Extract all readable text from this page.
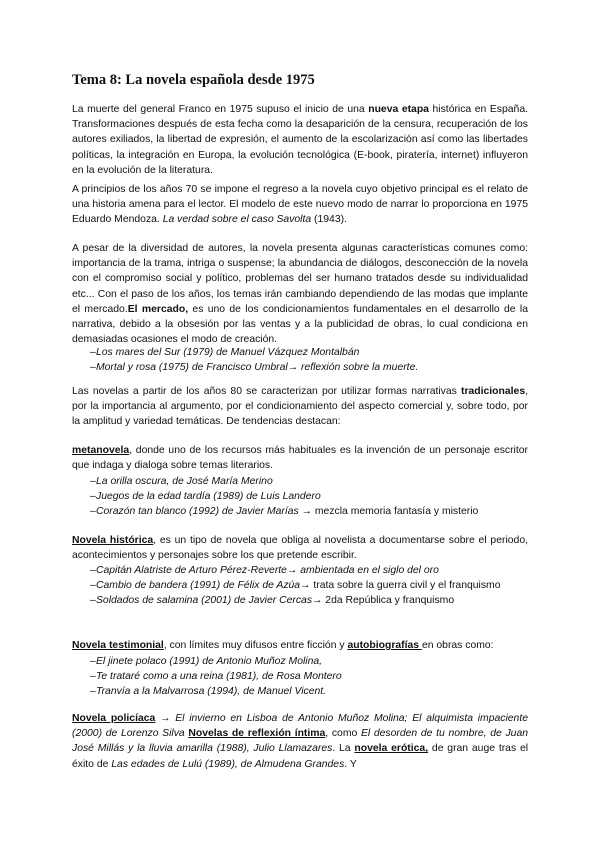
Tema 8: La novela española desde 1975

La muerte del general Franco en 1975 supuso el inicio de una nueva etapa histórica en España. Transformaciones después de esta fecha como la desaparición de la censura, recuperación de los autores exiliados, la libertad de expresión, el aumento de la escolarización así como las libertades políticas, la integración en Europa, la evolución tecnológica (E-book, piratería, internet) influyeron en la evolución de la literatura.

A principios de los años 70 se impone el regreso a la novela cuyo objetivo principal es el relato de una historia amena para el lector. El modelo de este nuevo modo de narrar lo proporciona en 1975 Eduardo Mendoza. La verdad sobre el caso Savolta (1943).

A pesar de la diversidad de autores, la novela presenta algunas características comunes como: importancia de la trama, intriga o suspense; la abundancia de diálogos, desconección de la novela con el compromiso social y político, problemas del ser humano tratados desde su individualidad etc... Con el paso de los años, los temas irán cambiando dependiendo de las modas que implante el mercado.El mercado, es uno de los condicionamientos fundamentales en el desarrollo de la narrativa, debido a la obsesión por las ventas y a la publicidad de obras, lo cual condiciona en demasiadas ocasiones el modo de creación.

– Los mares del Sur (1979) de Manuel Vázquez Montalbán
– Mortal y rosa (1975) de Francisco Umbral→ reflexión sobre la muerte.

Las novelas a partir de los años 80 se caracterizan por utilizar formas narrativas tradicionales, por la importancia al argumento, por el condicionamiento del aspecto comercial y, sobre todo, por la amplitud y variedad temáticas. De tendencias destacan:

metanovela, donde uno de los recursos más habituales es la invención de un personaje escritor que indaga y dialoga sobre temas literarios.

– La orilla oscura, de José María Merino
– Juegos de la edad tardía (1989) de Luis Landero
– Corazón tan blanco (1992) de Javier Marías → mezcla memoria fantasía y misterio

Novela histórica, es un tipo de novela que obliga al novelista a documentarse sobre el periodo, acontecimientos y personajes sobre los que pretende escribir.

– Capitán Alatriste de Arturo Pérez-Reverte→ ambientada en el siglo del oro
– Cambio de bandera (1991) de Félix de Azúa→ trata sobre la guerra civil y el franquismo
– Soldados de salamina (2001) de Javier Cercas→ 2da República y franquismo

Novela testimonial, con límites muy difusos entre ficción y autobiografías en obras como:

– El jinete polaco (1991) de Antonio Muñoz Molina,
– Te trataré como a una reina (1981), de Rosa Montero
– Tranvía a la Malvarrosa (1994), de Manuel Vicent.

Novela policíaca → El invierno en Lisboa de Antonio Muñoz Molina; El alquimista impaciente (2000) de Lorenzo Silva Novelas de reflexión íntima, como El desorden de tu nombre, de Juan José Millás y la lluvia amarilla (1988), Julio Llamazares. La novela erótica, de gran auge tras el éxito de Las edades de Lulú (1989), de Almudena Grandes. Y
